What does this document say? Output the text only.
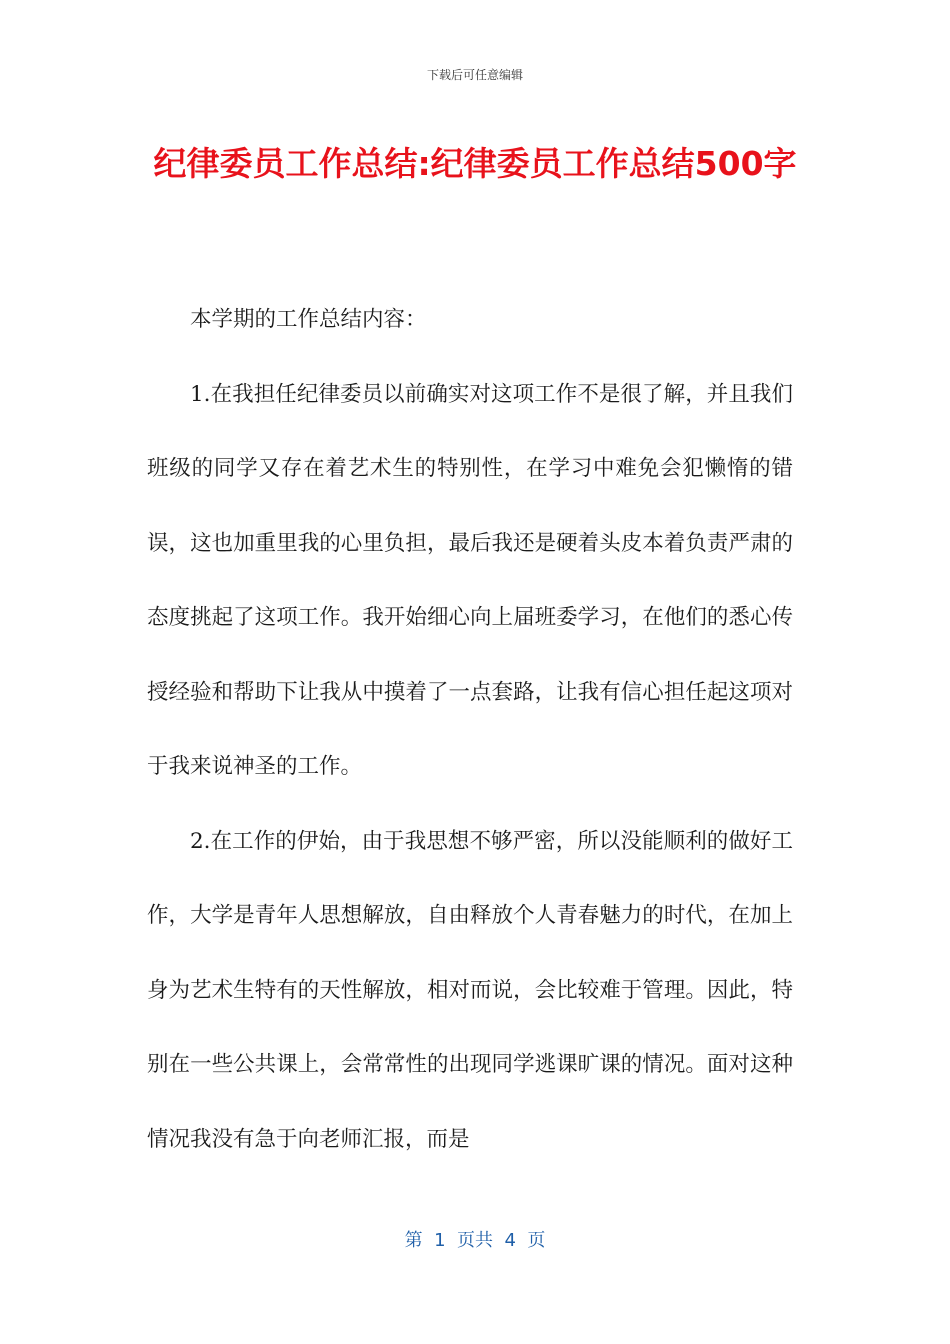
下载后可任意编辑
纪律委员工作总结:纪律委员工作总结500字

本学期的工作总结内容：

1.在我担任纪律委员以前确实对这项工作不是很了解，并且我们班级的同学又存在着艺术生的特别性，在学习中难免会犯懒惰的错误，这也加重里我的心里负担，最后我还是硬着头皮本着负责严肃的态度挑起了这项工作。我开始细心向上届班委学习，在他们的悉心传授经验和帮助下让我从中摸着了一点套路，让我有信心担任起这项对于我来说神圣的工作。

2.在工作的伊始，由于我思想不够严密，所以没能顺利的做好工作，大学是青年人思想解放，自由释放个人青春魅力的时代，在加上身为艺术生特有的天性解放，相对而说，会比较难于管理。因此，特别在一些公共课上，会常常性的出现同学逃课旷课的情况。面对这种情况我没有急于向老师汇报，而是

第  1  页共  4  页
